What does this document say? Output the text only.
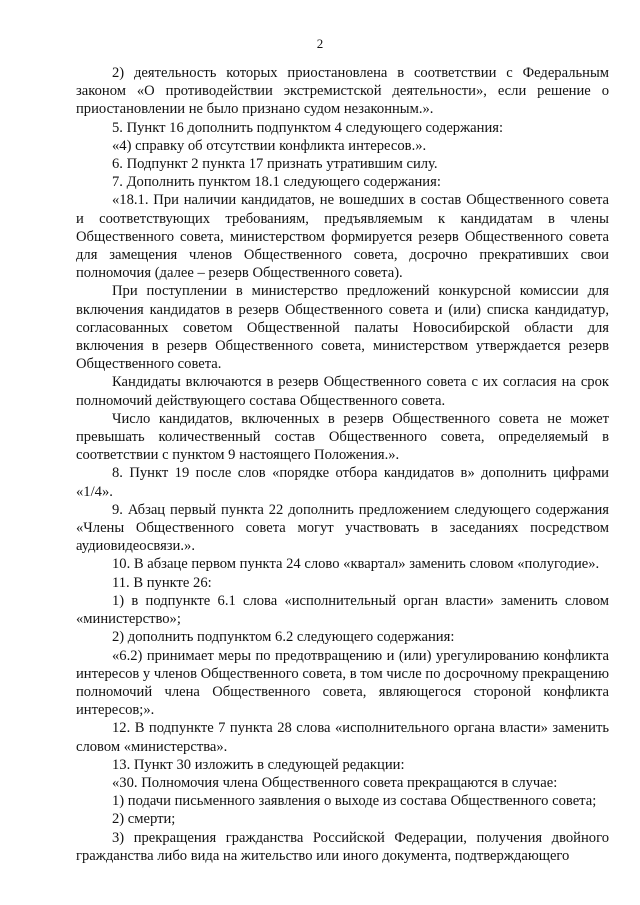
2

2) деятельность которых приостановлена в соответствии с Федеральным законом «О противодействии экстремистской деятельности», если решение о приостановлении не было признано судом незаконным.».

5. Пункт 16 дополнить подпунктом 4 следующего содержания:

«4) справку об отсутствии конфликта интересов.».

6. Подпункт 2 пункта 17 признать утратившим силу.

7. Дополнить пунктом 18.1 следующего содержания:

«18.1. При наличии кандидатов, не вошедших в состав Общественного совета и соответствующих требованиям, предъявляемым к кандидатам в члены Общественного совета, министерством формируется резерв Общественного совета для замещения членов Общественного совета, досрочно прекративших свои полномочия (далее – резерв Общественного совета).

При поступлении в министерство предложений конкурсной комиссии для включения кандидатов в резерв Общественного совета и (или) списка кандидатур, согласованных советом Общественной палаты Новосибирской области для включения в резерв Общественного совета, министерством утверждается резерв Общественного совета.

Кандидаты включаются в резерв Общественного совета с их согласия на срок полномочий действующего состава Общественного совета.

Число кандидатов, включенных в резерв Общественного совета не может превышать количественный состав Общественного совета, определяемый в соответствии с пунктом 9 настоящего Положения.».

8. Пункт 19 после слов «порядке отбора кандидатов в» дополнить цифрами «1/4».

9. Абзац первый пункта 22 дополнить предложением следующего содержания «Члены Общественного совета могут участвовать в заседаниях посредством аудиовидеосвязи.».

10. В абзаце первом пункта 24 слово «квартал» заменить словом «полугодие».

11. В пункте 26:

1) в подпункте 6.1 слова «исполнительный орган власти» заменить словом «министерство»;

2) дополнить подпунктом 6.2 следующего содержания:

«6.2) принимает меры по предотвращению и (или) урегулированию конфликта интересов у членов Общественного совета, в том числе по досрочному прекращению полномочий члена Общественного совета, являющегося стороной конфликта интересов;».

12. В подпункте 7 пункта 28 слова «исполнительного органа власти» заменить словом «министерства».

13. Пункт 30 изложить в следующей редакции:

«30. Полномочия члена Общественного совета прекращаются в случае:

1) подачи письменного заявления о выходе из состава Общественного совета;

2) смерти;

3) прекращения гражданства Российской Федерации, получения двойного гражданства либо вида на жительство или иного документа, подтверждающего
